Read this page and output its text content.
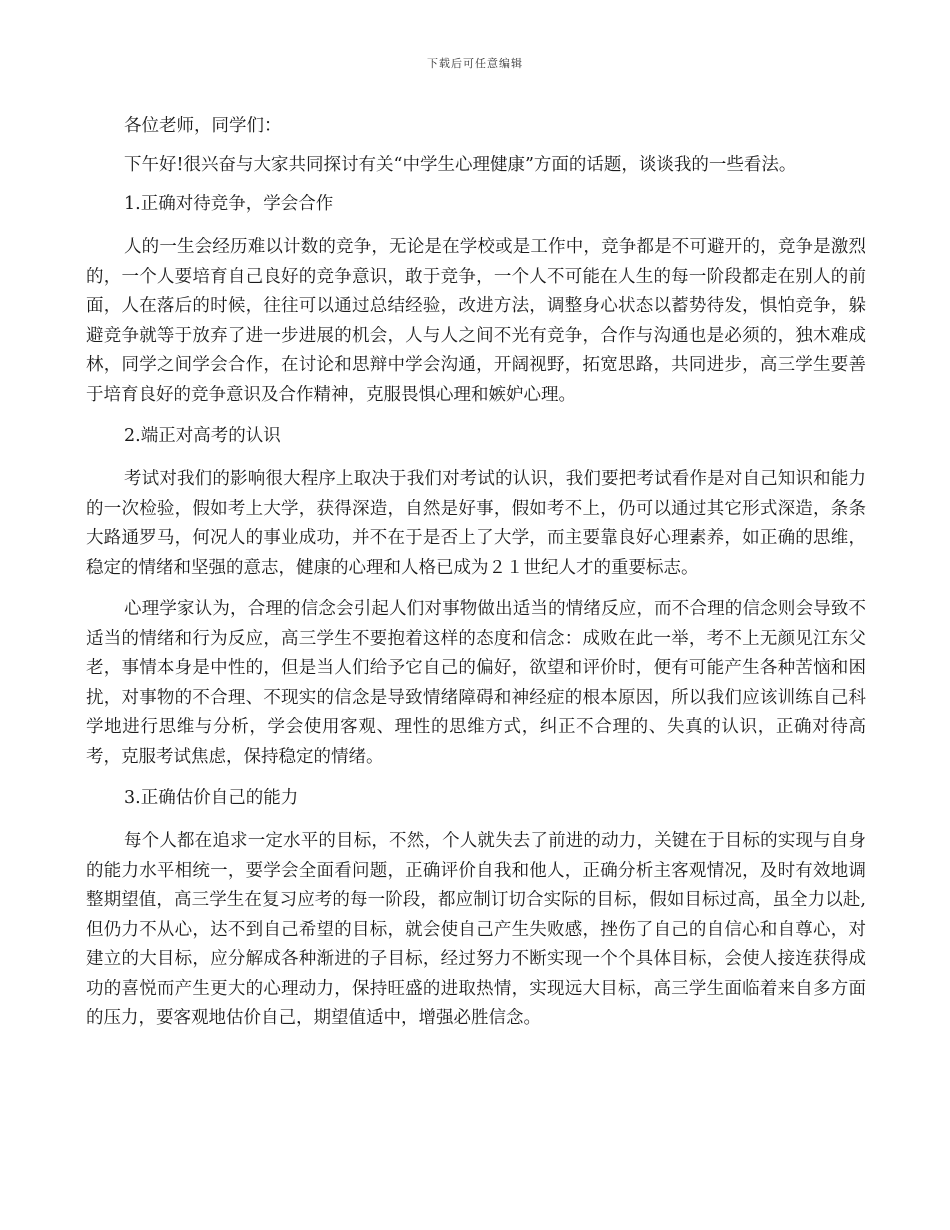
下载后可任意编辑

各位老师，同学们：

下午好!很兴奋与大家共同探讨有关“中学生心理健康”方面的话题，谈谈我的一些看法。

1.正确对待竞争，学会合作

人的一生会经历难以计数的竞争，无论是在学校或是工作中，竞争都是不可避开的，竞争是激烈的，一个人要培育自己良好的竞争意识，敢于竞争，一个人不可能在人生的每一阶段都走在别人的前面，人在落后的时候，往往可以通过总结经验，改进方法，调整身心状态以蓄势待发，惧怕竞争，躲避竞争就等于放弃了进一步进展的机会，人与人之间不光有竞争，合作与沟通也是必须的，独木难成林，同学之间学会合作，在讨论和思辩中学会沟通，开阔视野，拓宽思路，共同进步，高三学生要善于培育良好的竞争意识及合作精神，克服畏惧心理和嫉妒心理。

2.端正对高考的认识

考试对我们的影响很大程序上取决于我们对考试的认识，我们要把考试看作是对自己知识和能力的一次检验，假如考上大学，获得深造，自然是好事，假如考不上，仍可以通过其它形式深造，条条大路通罗马，何况人的事业成功，并不在于是否上了大学，而主要靠良好心理素养，如正确的思维，稳定的情绪和坚强的意志，健康的心理和人格已成为２１世纪人才的重要标志。

心理学家认为，合理的信念会引起人们对事物做出适当的情绪反应，而不合理的信念则会导致不适当的情绪和行为反应，高三学生不要抱着这样的态度和信念：成败在此一举，考不上无颜见江东父老，事情本身是中性的，但是当人们给予它自己的偏好，欲望和评价时，便有可能产生各种苦恼和困扰，对事物的不合理、不现实的信念是导致情绪障碍和神经症的根本原因，所以我们应该训练自己科学地进行思维与分析，学会使用客观、理性的思维方式，纠正不合理的、失真的认识，正确对待高考，克服考试焦虑，保持稳定的情绪。

3.正确估价自己的能力

每个人都在追求一定水平的目标，不然，个人就失去了前进的动力，关键在于目标的实现与自身的能力水平相统一，要学会全面看问题，正确评价自我和他人，正确分析主客观情况，及时有效地调整期望值，高三学生在复习应考的每一阶段，都应制订切合实际的目标，假如目标过高，虽全力以赴,但仍力不从心，达不到自己希望的目标，就会使自己产生失败感，挫伤了自己的自信心和自尊心，对建立的大目标，应分解成各种渐进的子目标，经过努力不断实现一个个具体目标，会使人接连获得成功的喜悦而产生更大的心理动力，保持旺盛的进取热情，实现远大目标，高三学生面临着来自多方面的压力，要客观地估价自己，期望值适中，增强必胜信念。
